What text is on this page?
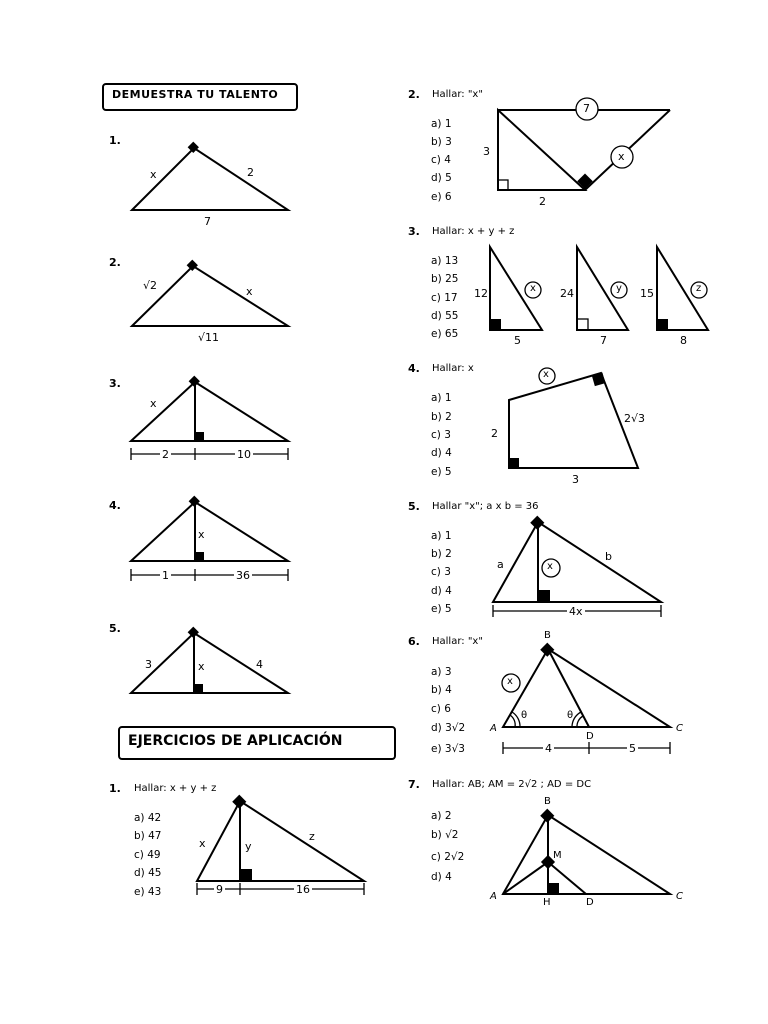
DEMUESTRA TU TALENTO
EJERCICIOS DE APLICACIÓN
1.
2.
3.
4.
5.
x	2
7
√2	x
√11
x
2	10
x
1	36
3	x	4
1. Hallar: x + y + z
a) 42
b) 47
c) 49
d) 45
e) 43
x	y
z
9	16
2. Hallar: "x"
a) 1
b) 3
c) 4
d) 5
e) 6
7
3	x
2
3. Hallar: x + y + z
a) 13
b) 25
c) 17
d) 55
e) 65
12	x
5
24	y
7
15	z
8
4. Hallar: x
a) 1
b) 2
c) 3
d) 4
e) 5
x
2√3
2
3
5. Hallar "x"; a x b = 36
a) 1
b) 2
c) 3
d) 4
e) 5
a	x
b
4x
6. Hallar: "x"
a) 3
b) 4
c) 6
d) 3√2
e) 3√3
B
x
A
θ	θ
C
D
4	5
7. Hallar: AB; AM = 2√2 ; AD = DC
a) 2
b) √2
c) 2√2
d) 4
B
M
A
H	D
C
